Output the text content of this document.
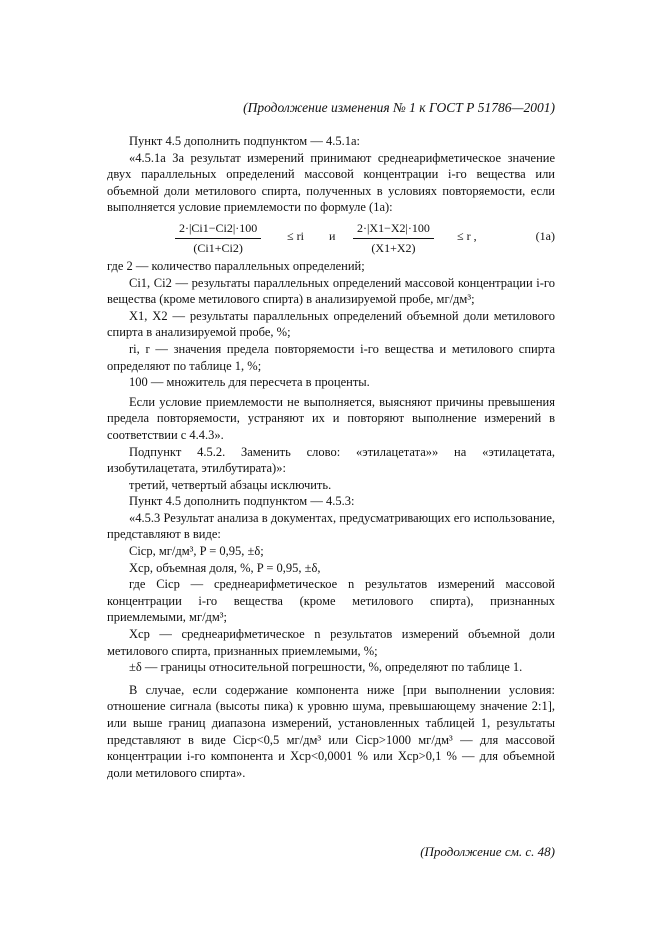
(Продолжение изменения № 1 к ГОСТ Р 51786—2001)

Пункт 4.5 дополнить подпунктом — 4.5.1а:

«4.5.1а За результат измерений принимают среднеарифметическое значение двух параллельных определений массовой концентрации i-го вещества или объемной доли метилового спирта, полученных в условиях повторяемости, если выполняется условие приемлемости по формуле (1а):

$\frac{2\cdot|Ci1-Ci2|\cdot 100}{(Ci1+Ci2)}$ ≤ ri и $\frac{2\cdot|X1-X2|\cdot 100}{(X1+X2)} \le r$ ,	(1а)

где 2 — количество параллельных определений;

Ci1, Ci2 — результаты параллельных определений массовой концентрации i-го вещества (кроме метилового спирта) в анализируемой пробе, мг/дм³;

X1, X2 — результаты параллельных определений объемной доли метилового спирта в анализируемой пробе, %;

ri, r — значения предела повторяемости i-го вещества и метилового спирта определяют по таблице 1, %;

100 — множитель для пересчета в проценты.

Если условие приемлемости не выполняется, выясняют причины превышения предела повторяемости, устраняют их и повторяют выполнение измерений в соответствии с 4.4.3».

Подпункт 4.5.2. Заменить слово: «этилацетата»» на «этилацетата, изобутилацетата, этилбутирата)»:

третий, четвертый абзацы исключить.

Пункт 4.5 дополнить подпунктом — 4.5.3:

«4.5.3 Результат анализа в документах, предусматривающих его использование, представляют в виде:

Ciср, мг/дм³, P = 0,95, ±δ;

Xср, объемная доля, %, P = 0,95, ±δ,

где Ciср — среднеарифметическое n результатов измерений массовой концентрации i-го вещества (кроме метилового спирта), признанных приемлемыми, мг/дм³;

Xср — среднеарифметическое n результатов измерений объемной доли метилового спирта, признанных приемлемыми, %;

±δ — границы относительной погрешности, %, определяют по таблице 1.

В случае, если содержание компонента ниже [при выполнении условия: отношение сигнала (высоты пика) к уровню шума, превышающему значение 2:1], или выше границ диапазона измерений, установленных таблицей 1, результаты представляют в виде Ciср<0,5 мг/дм³ или Ciср>1000 мг/дм³ — для массовой концентрации i-го компонента и Xср<0,0001 % или Xср>0,1 % — для объемной доли метилового спирта».

(Продолжение см. с. 48)
